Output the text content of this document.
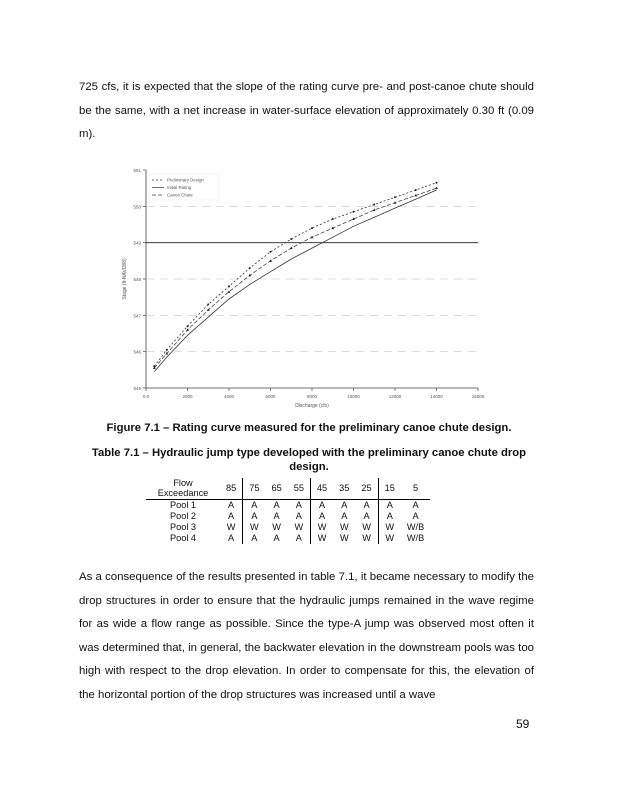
725 cfs, it is expected that the slope of the rating curve pre- and post-canoe chute should be the same, with a net increase in water-surface elevation of approximately 0.30 ft (0.09 m).

545
546
547
548
549
550
551
0.0	2000	4000	6000	8000	10000	12000	14000	16000
Discharge (cfs)
Stage (ft-NAVD88)
Preliminary Design
Initial Rating
Canoe Chute

Figure 7.1 – Rating curve measured for the preliminary canoe chute design.

Table 7.1 – Hydraulic jump type developed with the preliminary canoe chute drop design.

Flow Exceedance	85	75	65	55	45	35	25	15	5
Pool 1	A	A	A	A	A	A	A	A	A
Pool 2	A	A	A	A	A	A	A	A	A
Pool 3	W	W	W	W	W	W	W	W	W/B
Pool 4	A	A	A	A	W	W	W	W	W/B

As a consequence of the results presented in table 7.1, it became necessary to modify the drop structures in order to ensure that the hydraulic jumps remained in the wave regime for as wide a flow range as possible. Since the type-A jump was observed most often it was determined that, in general, the backwater elevation in the downstream pools was too high with respect to the drop elevation. In order to compensate for this, the elevation of the horizontal portion of the drop structures was increased until a wave

59
